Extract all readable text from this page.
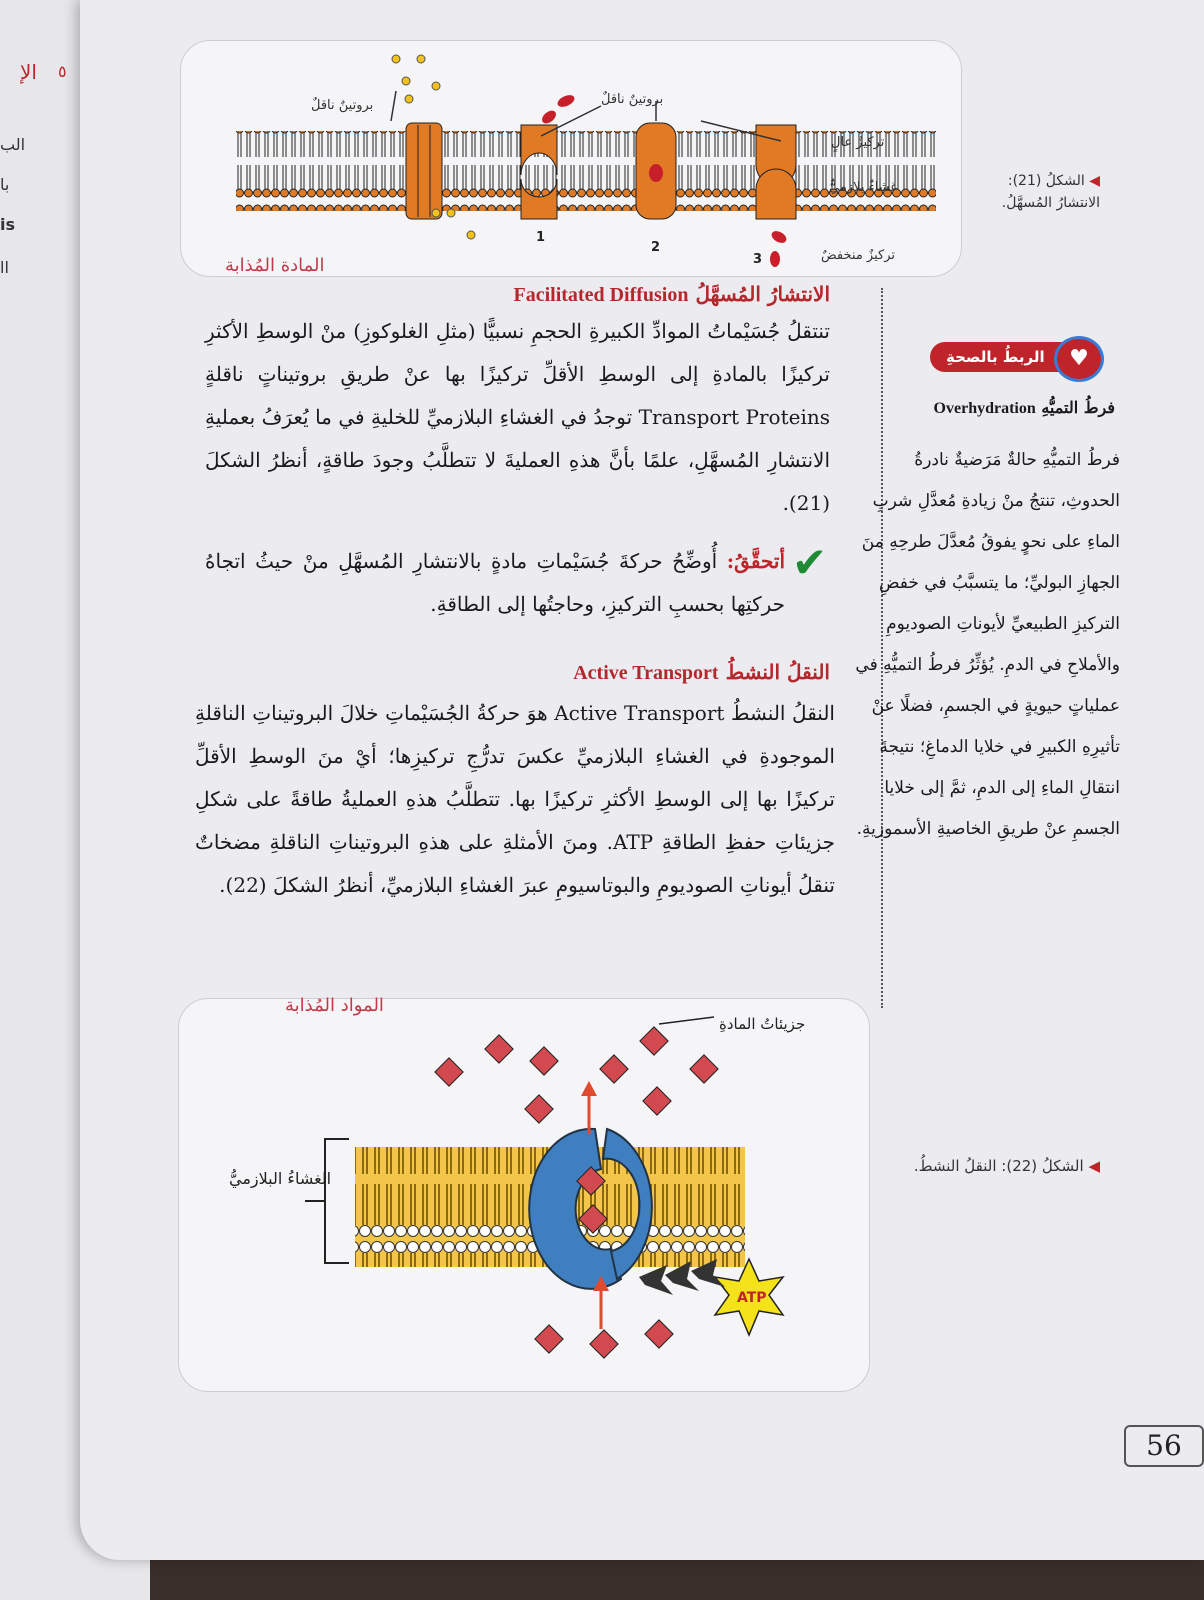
الإ ٥
الب
با
is
اا
بروتينٌ ناقلٌ	بروتينٌ ناقلٌ
تركيزٌ عالٍ
غشاءٌ بلازميٌّ
تركيزٌ منخفضٌ
1
2
3
◀ الشكلُ (21): الانتشارُ المُسهَّلُ.
المادة المُذابة
الانتشارُ المُسهَّلُ Facilitated Diffusion
تنتقلُ جُسَيْماتُ الموادِّ الكبيرةِ الحجمِ نسبيًّا (مثلِ الغلوكوزِ) منْ الوسطِ الأكثرِ تركيزًا بالمادةِ إلى الوسطِ الأقلِّ تركيزًا بها عنْ طريقِ بروتيناتٍ ناقلةٍ Transport Proteins توجدُ في الغشاءِ البلازميِّ للخليةِ في ما يُعرَفُ بعمليةِ الانتشارِ المُسهَّلِ، علمًا بأنَّ هذهِ العمليةَ لا تتطلَّبُ وجودَ طاقةٍ، أنظرُ الشكلَ (21).
✔
أتحقَّقُ: أُوضِّحُ حركةَ جُسَيْماتِ مادةٍ بالانتشارِ المُسهَّلِ منْ حيثُ اتجاهُ حركتِها بحسبِ التركيزِ، وحاجتُها إلى الطاقةِ.
النقلُ النشطُ Active Transport
النقلُ النشطُ Active Transport هوَ حركةُ الجُسَيْماتِ خلالَ البروتيناتِ الناقلةِ الموجودةِ في الغشاءِ البلازميِّ عكسَ تدرُّجِ تركيزِها؛ أيْ منَ الوسطِ الأقلِّ تركيزًا بها إلى الوسطِ الأكثرِ تركيزًا بها. تتطلَّبُ هذهِ العمليةُ طاقةً على شكلِ جزيئاتِ حفظِ الطاقةِ ATP. ومنَ الأمثلةِ على هذهِ البروتيناتِ الناقلةِ مضخاتٌ تنقلُ أيوناتِ الصوديومِ والبوتاسيومِ عبرَ الغشاءِ البلازميِّ، أنظرُ الشكلَ (22).
الربطُ بالصحةِ	♥
فرطُ التميُّهِ Overhydration
فرطُ التميُّهِ حالةٌ مَرَضيةٌ نادرةُ الحدوثِ، تنتجُ منْ زيادةِ مُعدَّلِ شربِ الماءِ على نحوٍ يفوقُ مُعدَّلَ طرحِهِ منَ الجهازِ البوليِّ؛ ما يتسبَّبُ في خفضِ التركيزِ الطبيعيِّ لأيوناتِ الصوديومِ والأملاحِ في الدمِ. يُؤثِّرُ فرطُ التميُّهِ في عملياتٍ حيويةٍ في الجسمِ، فضلًا عنْ تأثيرِهِ الكبيرِ في خلايا الدماغِ؛ نتيجةَ انتقالِ الماءِ إلى الدمِ، ثمَّ إلى خلايا الجسمِ عنْ طريقِ الخاصيةِ الأسموزيةِ.
ATP
جزيئاتُ المادةِ
الغشاءُ البلازميُّ
المواد المُذابة
◀ الشكلُ (22): النقلُ النشطُ.
56
